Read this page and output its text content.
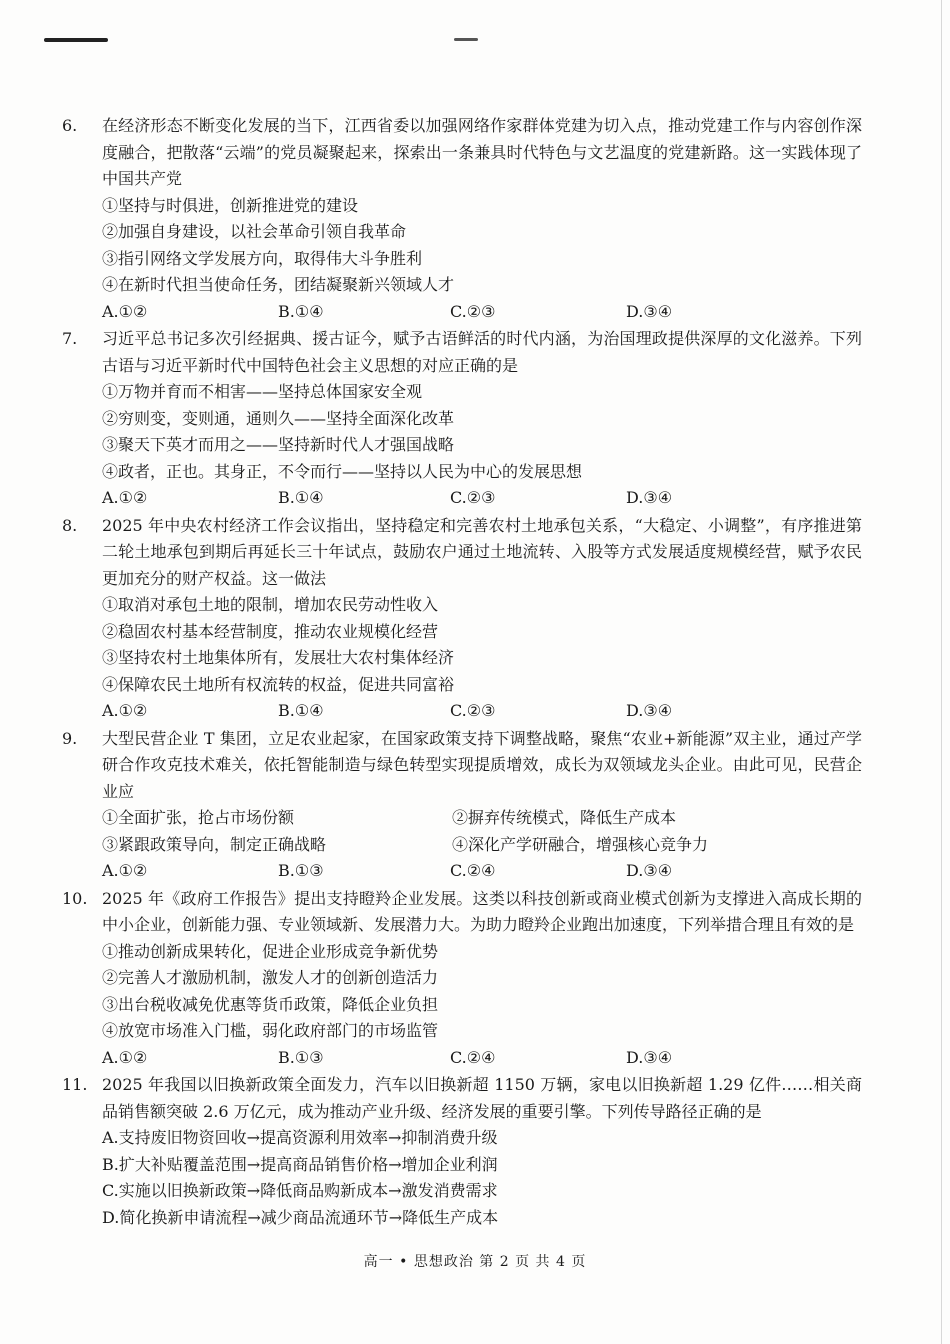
6. 在经济形态不断变化发展的当下，江西省委以加强网络作家群体党建为切入点，推动党建工作与内容创作深度融合，把散落“云端”的党员凝聚起来，探索出一条兼具时代特色与文艺温度的党建新路。这一实践体现了中国共产党

①坚持与时俱进，创新推进党的建设

②加强自身建设，以社会革命引领自我革命

③指引网络文学发展方向，取得伟大斗争胜利

④在新时代担当使命任务，团结凝聚新兴领域人才

A.①②	B.①④	C.②③	D.③④
7. 习近平总书记多次引经据典、援古证今，赋予古语鲜活的时代内涵，为治国理政提供深厚的文化滋养。下列古语与习近平新时代中国特色社会主义思想的对应正确的是

①万物并育而不相害——坚持总体国家安全观

②穷则变，变则通，通则久——坚持全面深化改革

③聚天下英才而用之——坚持新时代人才强国战略

④政者，正也。其身正，不令而行——坚持以人民为中心的发展思想

A.①②	B.①④	C.②③	D.③④
8. 2025 年中央农村经济工作会议指出，坚持稳定和完善农村土地承包关系，“大稳定、小调整”，有序推进第二轮土地承包到期后再延长三十年试点，鼓励农户通过土地流转、入股等方式发展适度规模经营，赋予农民更加充分的财产权益。这一做法

①取消对承包土地的限制，增加农民劳动性收入

②稳固农村基本经营制度，推动农业规模化经营

③坚持农村土地集体所有，发展壮大农村集体经济

④保障农民土地所有权流转的权益，促进共同富裕

A.①②	B.①④	C.②③	D.③④
9. 大型民营企业 T 集团，立足农业起家，在国家政策支持下调整战略，聚焦“农业+新能源”双主业，通过产学研合作攻克技术难关，依托智能制造与绿色转型实现提质增效，成长为双领域龙头企业。由此可见，民营企业应

①全面扩张，抢占市场份额	②摒弃传统模式，降低生产成本
③紧跟政策导向，制定正确战略	④深化产学研融合，增强核心竞争力
A.①②	B.①③	C.②④	D.③④
10. 2025 年《政府工作报告》提出支持瞪羚企业发展。这类以科技创新或商业模式创新为支撑进入高成长期的中小企业，创新能力强、专业领域新、发展潜力大。为助力瞪羚企业跑出加速度，下列举措合理且有效的是

①推动创新成果转化，促进企业形成竞争新优势

②完善人才激励机制，激发人才的创新创造活力

③出台税收减免优惠等货币政策，降低企业负担

④放宽市场准入门槛，弱化政府部门的市场监管

A.①②	B.①③	C.②④	D.③④
11. 2025 年我国以旧换新政策全面发力，汽车以旧换新超 1150 万辆，家电以旧换新超 1.29 亿件……相关商品销售额突破 2.6 万亿元，成为推动产业升级、经济发展的重要引擎。下列传导路径正确的是

A.支持废旧物资回收→提高资源利用效率→抑制消费升级

B.扩大补贴覆盖范围→提高商品销售价格→增加企业利润

C.实施以旧换新政策→降低商品购新成本→激发消费需求

D.简化换新申请流程→减少商品流通环节→降低生产成本

高一 • 思想政治 第 2 页 共 4 页
